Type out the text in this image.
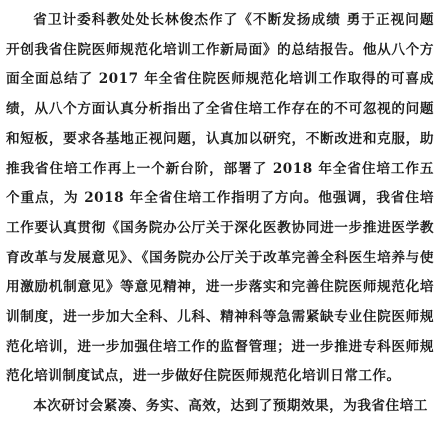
省卫计委科教处处长林俊杰作了《不断发扬成绩 勇于正视问题 开创我省住院医师规范化培训工作新局面》的总结报告。他从八个方面全面总结了 2017 年全省住院医师规范化培训工作取得的可喜成绩，从八个方面认真分析指出了全省住培工作存在的不可忽视的问题和短板，要求各基地正视问题，认真加以研究，不断改进和克服，助推我省住培工作再上一个新台阶，部署了 2018 年全省住培工作五个重点，为 2018 年全省住培工作指明了方向。他强调，我省住培工作要认真贯彻《国务院办公厅关于深化医教协同进一步推进医学教育改革与发展意见》、《国务院办公厅关于改革完善全科医生培养与使用激励机制意见》等意见精神，进一步落实和完善住院医师规范化培训制度，进一步加大全科、儿科、精神科等急需紧缺专业住院医师规范化培训，进一步加强住培工作的监督管理；进一步推进专科医师规范化培训制度试点，进一步做好住院医师规范化培训日常工作。

本次研讨会紧凑、务实、高效，达到了预期效果，为我省住培工
